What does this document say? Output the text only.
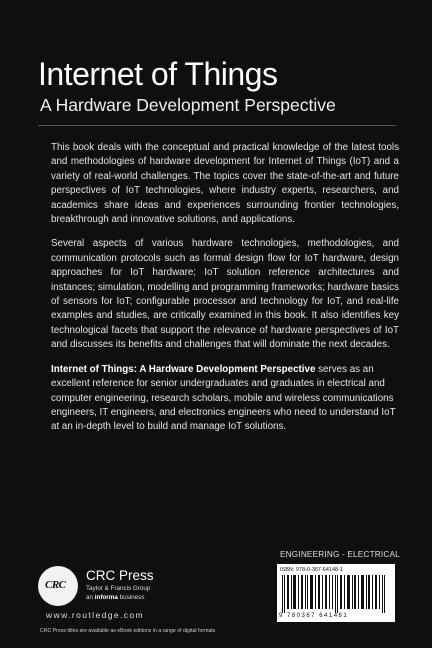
Internet of Things
A Hardware Development Perspective

This book deals with the conceptual and practical knowledge of the latest tools and methodologies of hardware development for Internet of Things (IoT) and a variety of real-world challenges. The topics cover the state-of-the-art and future perspectives of IoT technologies, where industry experts, researchers, and academics share ideas and experiences surrounding frontier technologies, breakthrough and innovative solutions, and applications.

Several aspects of various hardware technologies, methodologies, and communication protocols such as formal design flow for IoT hardware, design approaches for IoT hardware; IoT solution reference architectures and instances; simulation, modelling and programming frameworks; hardware basics of sensors for IoT; configurable processor and technology for IoT, and real-life examples and studies, are critically examined in this book. It also identifies key technological facets that support the relevance of hardware perspectives of IoT and discusses its benefits and challenges that will dominate the next decades.

Internet of Things: A Hardware Development Perspective serves as an excellent reference for senior undergraduates and graduates in electrical and computer engineering, research scholars, mobile and wireless communications engineers, IT engineers, and electronics engineers who need to understand IoT at an in-depth level to build and manage IoT solutions.

ENGINEERING - ELECTRICAL
ISBN: 978-0-367-64148-1
9 780367 641481
CRC
CRC Press
Taylor & Francis Group
an informa business
www.routledge.com
CRC Press titles are available as eBook editions in a range of digital formats
